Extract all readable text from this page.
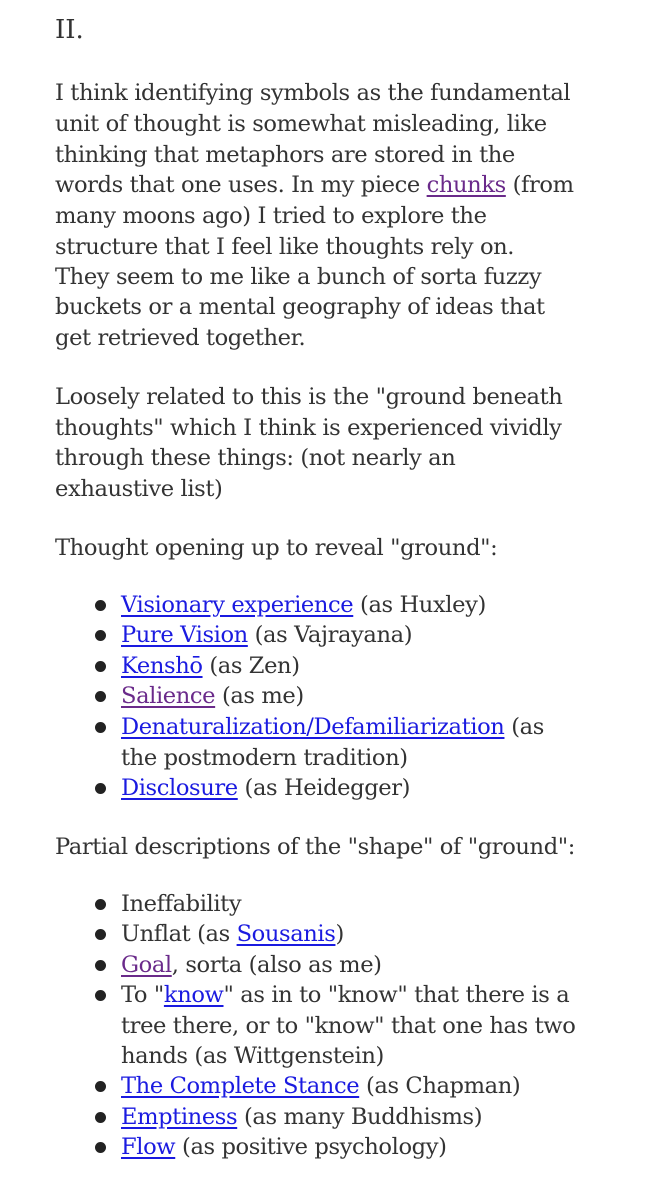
II.
I think identifying symbols as the fundamental
unit of thought is somewhat misleading, like
thinking that metaphors are stored in the
words that one uses. In my piece chunks (from
many moons ago) I tried to explore the
structure that I feel like thoughts rely on.
They seem to me like a bunch of sorta fuzzy
buckets or a mental geography of ideas that
get retrieved together.
Loosely related to this is the "ground beneath
thoughts" which I think is experienced vividly
through these things: (not nearly an
exhaustive list)
Thought opening up to reveal "ground":
Visionary experience (as Huxley)
Pure Vision (as Vajrayana)
Kenshō (as Zen)
Salience (as me)
Denaturalization/Defamiliarization (as
the postmodern tradition)
Disclosure (as Heidegger)
Partial descriptions of the "shape" of "ground":
Ineffability
Unflat (as Sousanis)
Goal, sorta (also as me)
To "know" as in to "know" that there is a
tree there, or to "know" that one has two
hands (as Wittgenstein)
The Complete Stance (as Chapman)
Emptiness (as many Buddhisms)
Flow (as positive psychology)
